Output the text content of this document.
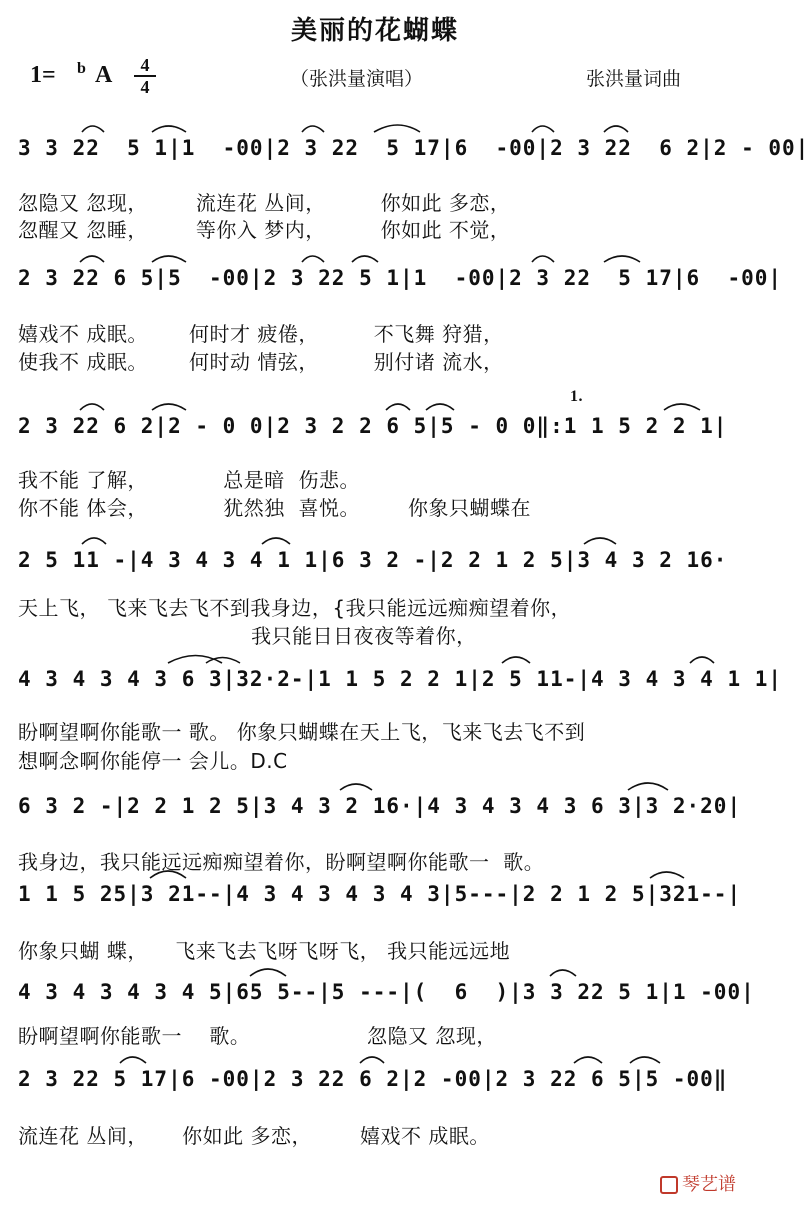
美丽的花蝴蝶
1= b A	4
4	（张洪量演唱）	张洪量词曲
3 3 22  5 1|1  -00|2 3 22  5 17|6  -00|2 3 22  6 2|2 - 00|
忽隐又 忽现，       流连花 丛间，        你如此 多恋，
忽醒又 忽睡，       等你入 梦内，        你如此 不觉，
2 3 22 6 5|5  -00|2 3 22 5 1|1  -00|2 3 22  5 17|6  -00|
嬉戏不 成眠。      何时才 疲倦，        不飞舞 狩猎，
使我不 成眠。      何时动 情弦，        别付诸 流水，
1.
2 3 22 6 2|2 - 0 0|2 3 2 2 6 5|5 - 0 0‖:1 1 5 2 2 1|
我不能 了解，           总是暗  伤悲。
你不能 体会，           犹然独  喜悦。       你象只蝴蝶在
2 5 11 -|4 3 4 3 4 1 1|6 3 2 -|2 2 1 2 5|3 4 3 2 16·
天上飞， 飞来飞去飞不到我身边，{我只能远远痴痴望着你，
我只能日日夜夜等着你，
4 3 4 3 4 3 6 3|32·2-|1 1 5 2 2 1|2 5 11-|4 3 4 3 4 1 1|
盼啊望啊你能歌一 歌。 你象只蝴蝶在天上飞，飞来飞去飞不到
想啊念啊你能停一 会儿。D.C
6 3 2 -|2 2 1 2 5|3 4 3 2 16·|4 3 4 3 4 3 6 3|3 2·20|
我身边，我只能远远痴痴望着你，盼啊望啊你能歌一  歌。
1 1 5 25|3 21--|4 3 4 3 4 3 4 3|5---|2 2 1 2 5|321--|
你象只蝴 蝶，    飞来飞去飞呀飞呀飞， 我只能远远地
4 3 4 3 4 3 4 5|65 5--|5 ---|(  6  )|3 3 22 5 1|1 -00|
盼啊望啊你能歌一    歌。                 忽隐又 忽现，
2 3 22 5 17|6 -00|2 3 22 6 2|2 -00|2 3 22 6 5|5 -00‖
流连花 丛间，     你如此 多恋，       嬉戏不 成眠。
琴艺谱
